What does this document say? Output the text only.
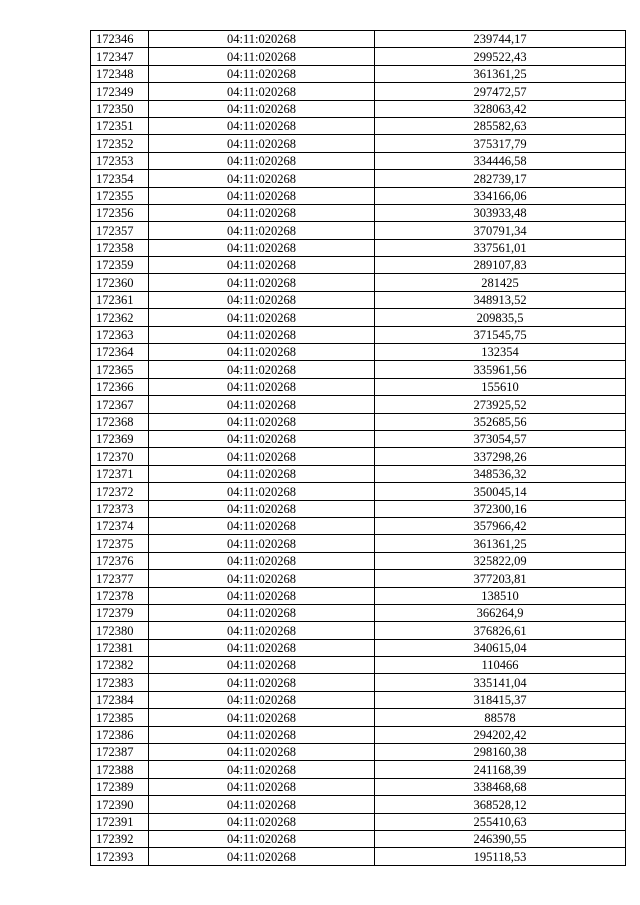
172346	04:11:020268	239744,17
172347	04:11:020268	299522,43
172348	04:11:020268	361361,25
172349	04:11:020268	297472,57
172350	04:11:020268	328063,42
172351	04:11:020268	285582,63
172352	04:11:020268	375317,79
172353	04:11:020268	334446,58
172354	04:11:020268	282739,17
172355	04:11:020268	334166,06
172356	04:11:020268	303933,48
172357	04:11:020268	370791,34
172358	04:11:020268	337561,01
172359	04:11:020268	289107,83
172360	04:11:020268	281425
172361	04:11:020268	348913,52
172362	04:11:020268	209835,5
172363	04:11:020268	371545,75
172364	04:11:020268	132354
172365	04:11:020268	335961,56
172366	04:11:020268	155610
172367	04:11:020268	273925,52
172368	04:11:020268	352685,56
172369	04:11:020268	373054,57
172370	04:11:020268	337298,26
172371	04:11:020268	348536,32
172372	04:11:020268	350045,14
172373	04:11:020268	372300,16
172374	04:11:020268	357966,42
172375	04:11:020268	361361,25
172376	04:11:020268	325822,09
172377	04:11:020268	377203,81
172378	04:11:020268	138510
172379	04:11:020268	366264,9
172380	04:11:020268	376826,61
172381	04:11:020268	340615,04
172382	04:11:020268	110466
172383	04:11:020268	335141,04
172384	04:11:020268	318415,37
172385	04:11:020268	88578
172386	04:11:020268	294202,42
172387	04:11:020268	298160,38
172388	04:11:020268	241168,39
172389	04:11:020268	338468,68
172390	04:11:020268	368528,12
172391	04:11:020268	255410,63
172392	04:11:020268	246390,55
172393	04:11:020268	195118,53
